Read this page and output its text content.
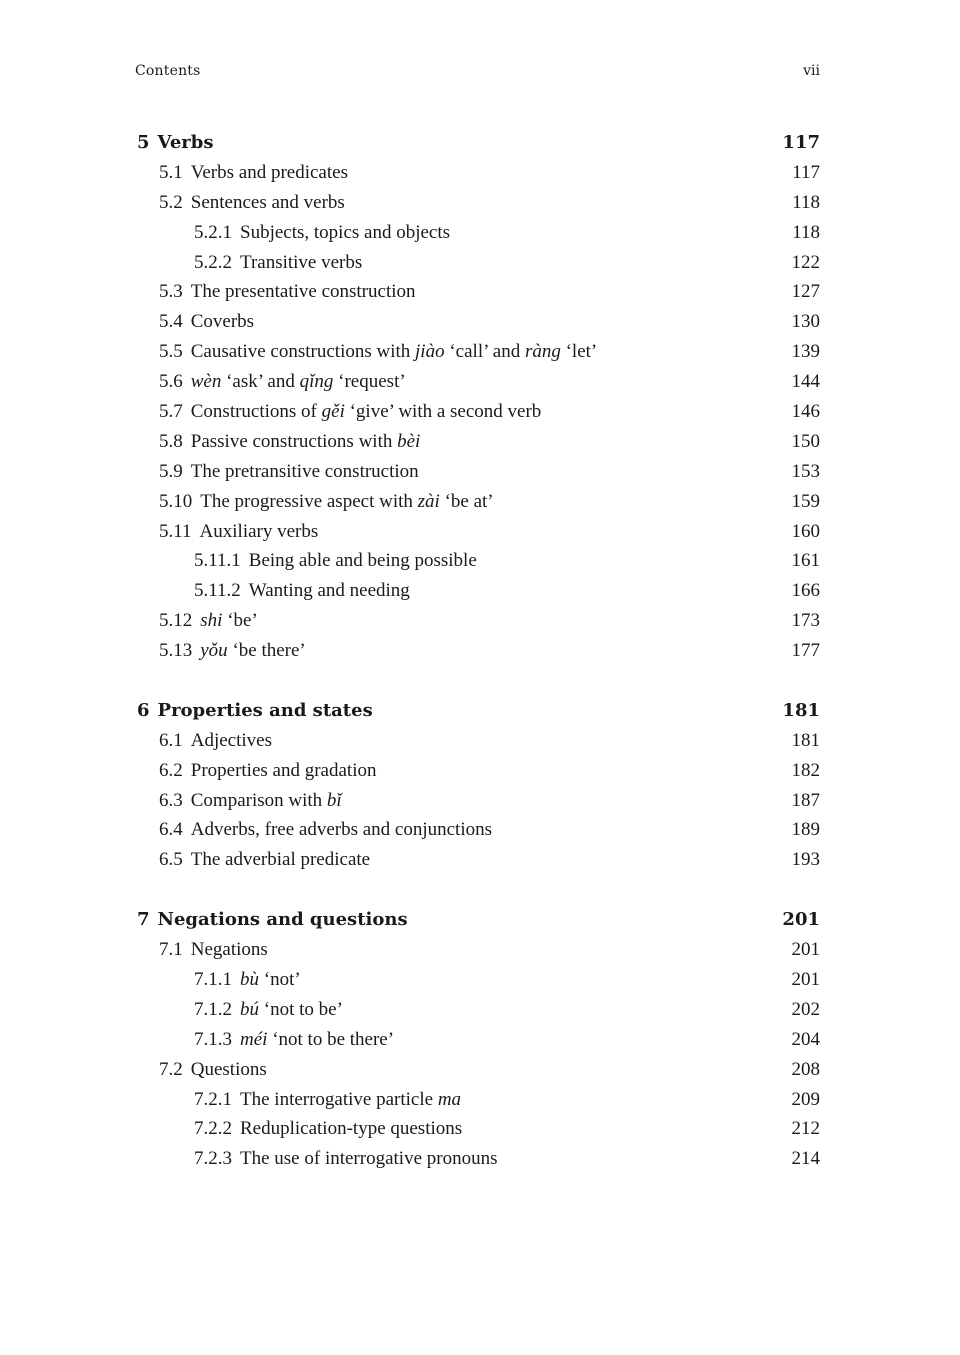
Contents	vii
5 Verbs	117
5.1 Verbs and predicates	117
5.2 Sentences and verbs	118
5.2.1 Subjects, topics and objects	118
5.2.2 Transitive verbs	122
5.3 The presentative construction	127
5.4 Coverbs	130
5.5 Causative constructions with jiào ‘call’ and ràng ‘let’	139
5.6 wèn ‘ask’ and qǐng ‘request’	144
5.7 Constructions of gěi ‘give’ with a second verb	146
5.8 Passive constructions with bèi	150
5.9 The pretransitive construction	153
5.10 The progressive aspect with zài ‘be at’	159
5.11 Auxiliary verbs	160
5.11.1 Being able and being possible	161
5.11.2 Wanting and needing	166
5.12 shi ‘be’	173
5.13 yǒu ‘be there’	177
6 Properties and states	181
6.1 Adjectives	181
6.2 Properties and gradation	182
6.3 Comparison with bǐ	187
6.4 Adverbs, free adverbs and conjunctions	189
6.5 The adverbial predicate	193
7 Negations and questions	201
7.1 Negations	201
7.1.1 bù ‘not’	201
7.1.2 bú ‘not to be’	202
7.1.3 méi ‘not to be there’	204
7.2 Questions	208
7.2.1 The interrogative particle ma	209
7.2.2 Reduplication-type questions	212
7.2.3 The use of interrogative pronouns	214
